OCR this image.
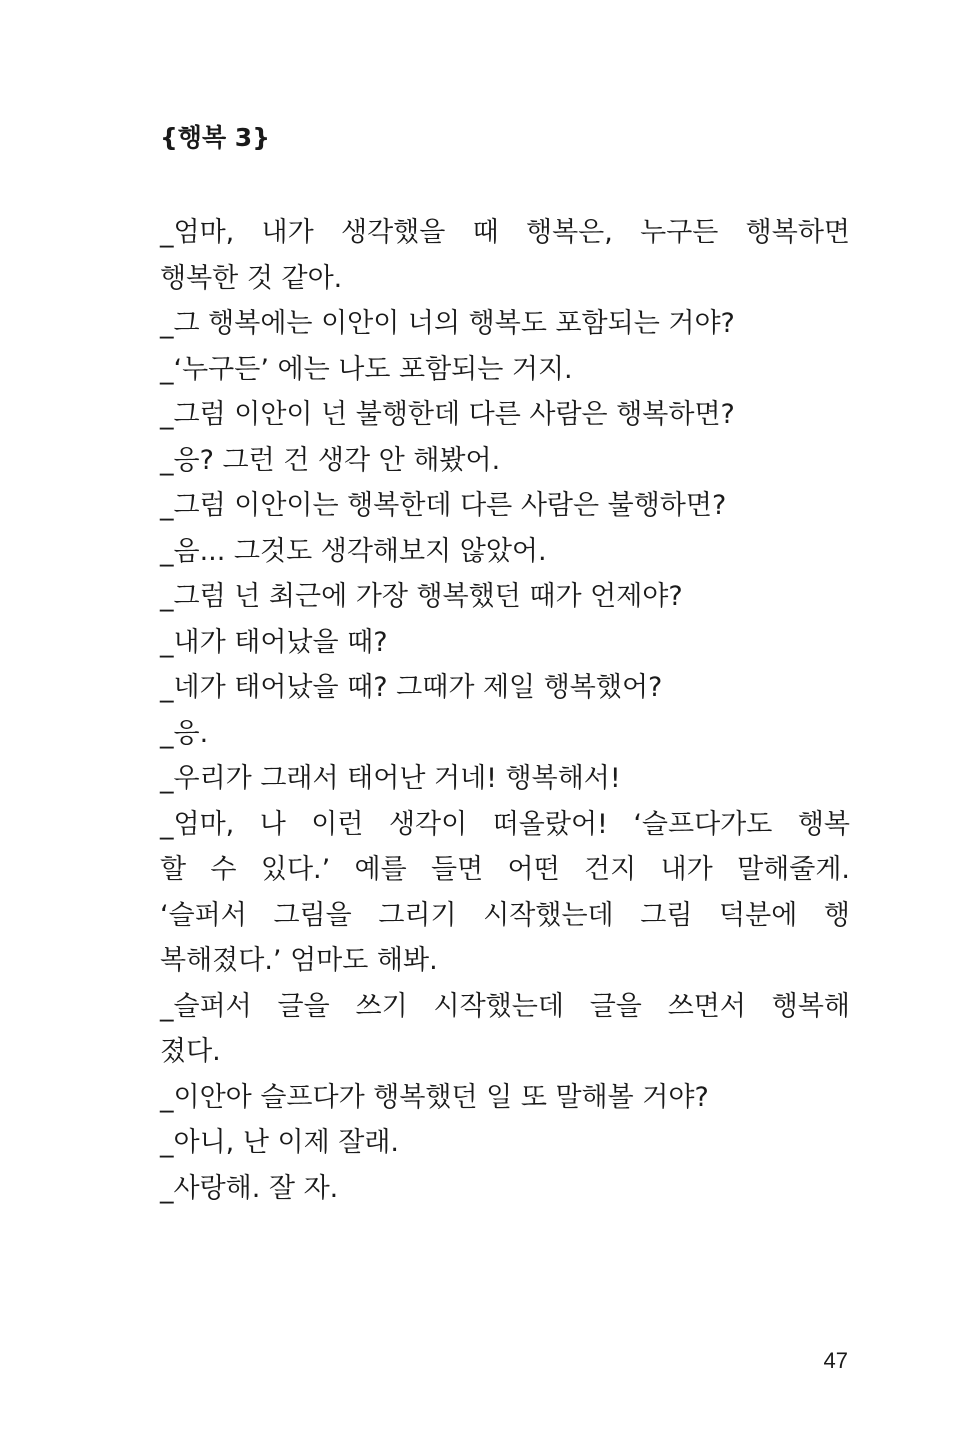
{행복 3}
_엄마, 내가 생각했을 때 행복은, 누구든 행복하면
행복한 것 같아.
_그 행복에는 이안이 너의 행복도 포함되는 거야?
_‘누구든’ 에는 나도 포함되는 거지.
_그럼 이안이 넌 불행한데 다른 사람은 행복하면?
_응? 그런 건 생각 안 해봤어.
_그럼 이안이는 행복한데 다른 사람은 불행하면?
_음... 그것도 생각해보지 않았어.
_그럼 넌 최근에 가장 행복했던 때가 언제야?
_내가 태어났을 때?
_네가 태어났을 때? 그때가 제일 행복했어?
_응.
_우리가 그래서 태어난 거네! 행복해서!
_엄마, 나 이런 생각이 떠올랐어! ‘슬프다가도 행복
할 수 있다.’ 예를 들면 어떤 건지 내가 말해줄게.
‘슬퍼서 그림을 그리기 시작했는데 그림 덕분에 행
복해졌다.’ 엄마도 해봐.
_슬퍼서 글을 쓰기 시작했는데 글을 쓰면서 행복해
졌다.
_이안아 슬프다가 행복했던 일 또 말해볼 거야?
_아니, 난 이제 잘래.
_사랑해. 잘 자.
47
